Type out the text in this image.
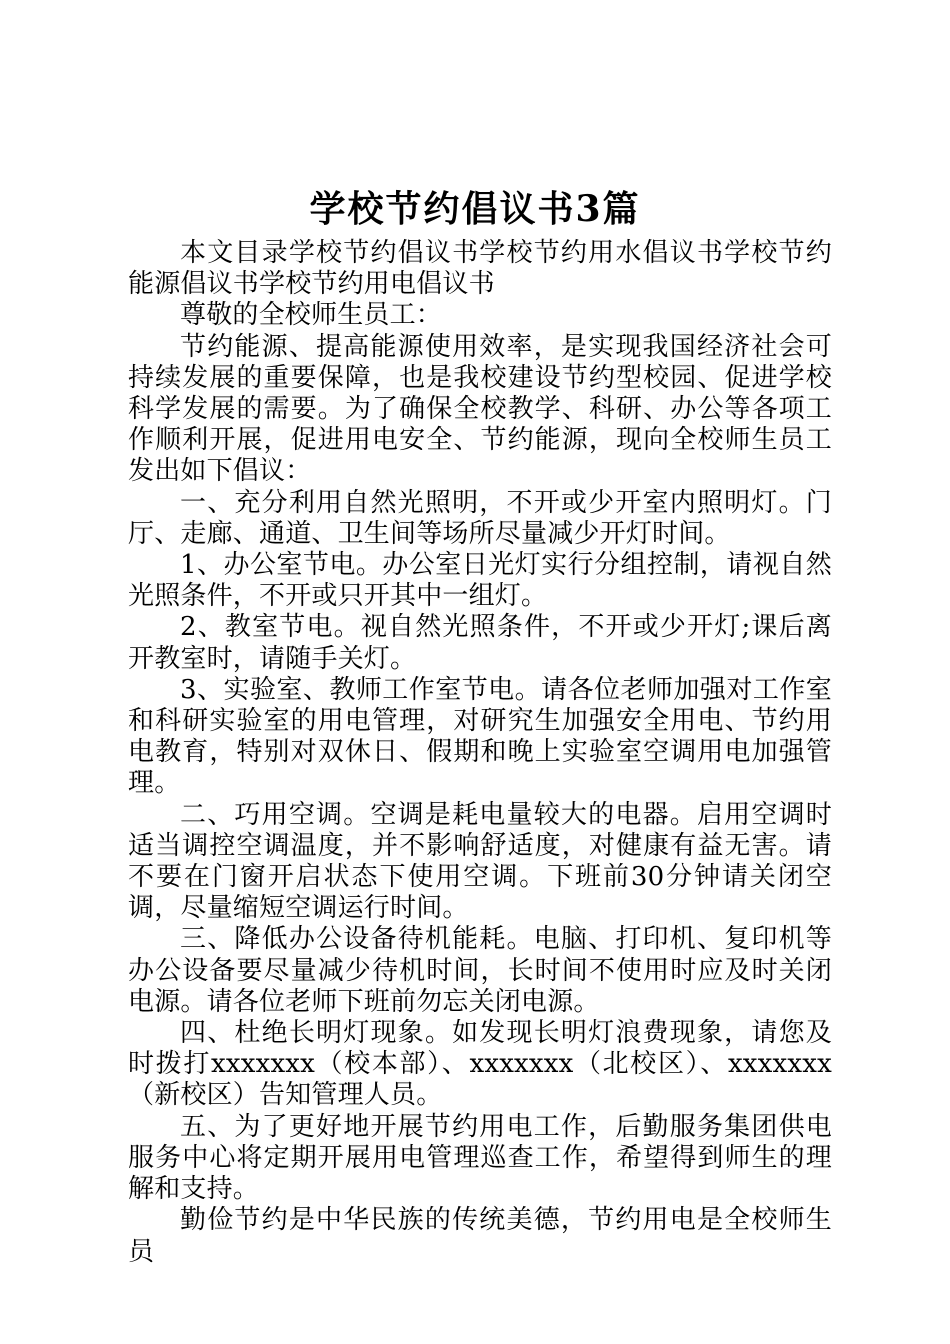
学校节约倡议书3篇

本文目录学校节约倡议书学校节约用水倡议书学校节约能源倡议书学校节约用电倡议书

尊敬的全校师生员工：

节约能源、提高能源使用效率，是实现我国经济社会可持续发展的重要保障，也是我校建设节约型校园、促进学校科学发展的需要。为了确保全校教学、科研、办公等各项工作顺利开展，促进用电安全、节约能源，现向全校师生员工发出如下倡议：

一、充分利用自然光照明，不开或少开室内照明灯。门厅、走廊、通道、卫生间等场所尽量减少开灯时间。

1、办公室节电。办公室日光灯实行分组控制，请视自然光照条件，不开或只开其中一组灯。

2、教室节电。视自然光照条件，不开或少开灯;课后离开教室时，请随手关灯。

3、实验室、教师工作室节电。请各位老师加强对工作室和科研实验室的用电管理，对研究生加强安全用电、节约用电教育，特别对双休日、假期和晚上实验室空调用电加强管理。

二、巧用空调。空调是耗电量较大的电器。启用空调时适当调控空调温度，并不影响舒适度，对健康有益无害。请不要在门窗开启状态下使用空调。下班前30分钟请关闭空调，尽量缩短空调运行时间。

三、降低办公设备待机能耗。电脑、打印机、复印机等办公设备要尽量减少待机时间，长时间不使用时应及时关闭电源。请各位老师下班前勿忘关闭电源。

四、杜绝长明灯现象。如发现长明灯浪费现象，请您及时拨打xxxxxxx（校本部）、xxxxxxx（北校区）、xxxxxxx（新校区）告知管理人员。

五、为了更好地开展节约用电工作，后勤服务集团供电服务中心将定期开展用电管理巡查工作，希望得到师生的理解和支持。

勤俭节约是中华民族的传统美德，节约用电是全校师生员
